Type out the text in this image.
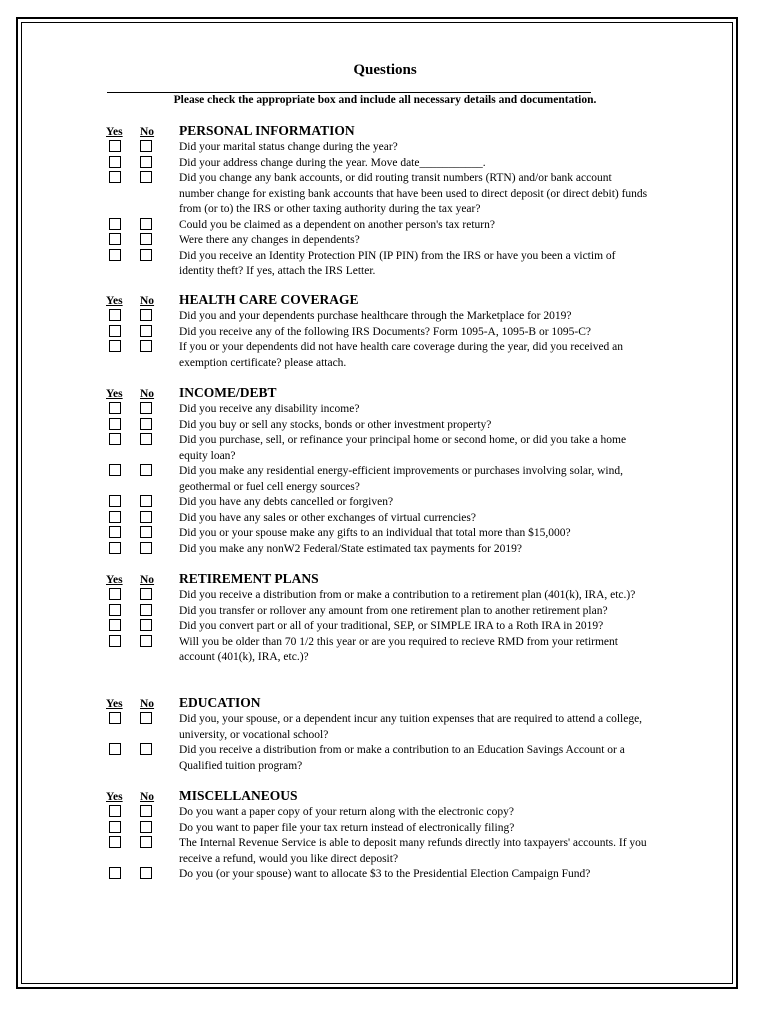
Questions
Please check the appropriate box and include all necessary details and documentation.
Yes No PERSONAL INFORMATION
Did your marital status change during the year?
Did your address change during the year. Move date___________.
Did you change any bank accounts, or did routing transit numbers (RTN) and/or bank account number change for existing bank accounts that have been used to direct deposit (or direct debit) funds from (or to) the IRS or other taxing authority during the tax year?
Could you be claimed as a dependent on another person's tax return?
Were there any changes in dependents?
Did you receive an Identity Protection PIN (IP PIN) from the IRS or have you been a victim of identity theft? If yes, attach the IRS Letter.
Yes No HEALTH CARE COVERAGE
Did you and your dependents purchase healthcare through the Marketplace for 2019?
Did you receive any of the following IRS Documents? Form 1095-A, 1095-B or 1095-C?
If you or your dependents did not have health care coverage during the year, did you received an exemption certificate? please attach.
Yes No INCOME/DEBT
Did you receive any disability income?
Did you buy or sell any stocks, bonds or other investment property?
Did you purchase, sell, or refinance your principal home or second home, or did you take a home equity loan?
Did you make any residential energy-efficient improvements or purchases involving solar, wind, geothermal or fuel cell energy sources?
Did you have any debts cancelled or forgiven?
Did you have any sales or other exchanges of virtual currencies?
Did you or your spouse make any gifts to an individual that total more than $15,000?
Did you make any nonW2 Federal/State estimated tax payments for 2019?
Yes No RETIREMENT PLANS
Did you receive a distribution from or make a contribution to a retirement plan (401(k), IRA, etc.)?
Did you transfer or rollover any amount from one retirement plan to another retirement plan?
Did you convert part or all of your traditional, SEP, or SIMPLE IRA to a Roth IRA in 2019?
Will you be older than 70 1/2 this year or are you required to recieve RMD from your retirment account (401(k), IRA, etc.)?
Yes No EDUCATION
Did you, your spouse, or a dependent incur any tuition expenses that are required to attend a college, university, or vocational school?
Did you receive a distribution from or make a contribution to an Education Savings Account or a Qualified tuition program?
Yes No MISCELLANEOUS
Do you want a paper copy of your return along with the electronic copy?
Do you want to paper file your tax return instead of electronically filing?
The Internal Revenue Service is able to deposit many refunds directly into taxpayers' accounts. If you receive a refund, would you like direct deposit?
Do you (or your spouse) want to allocate $3 to the Presidential Election Campaign Fund?
